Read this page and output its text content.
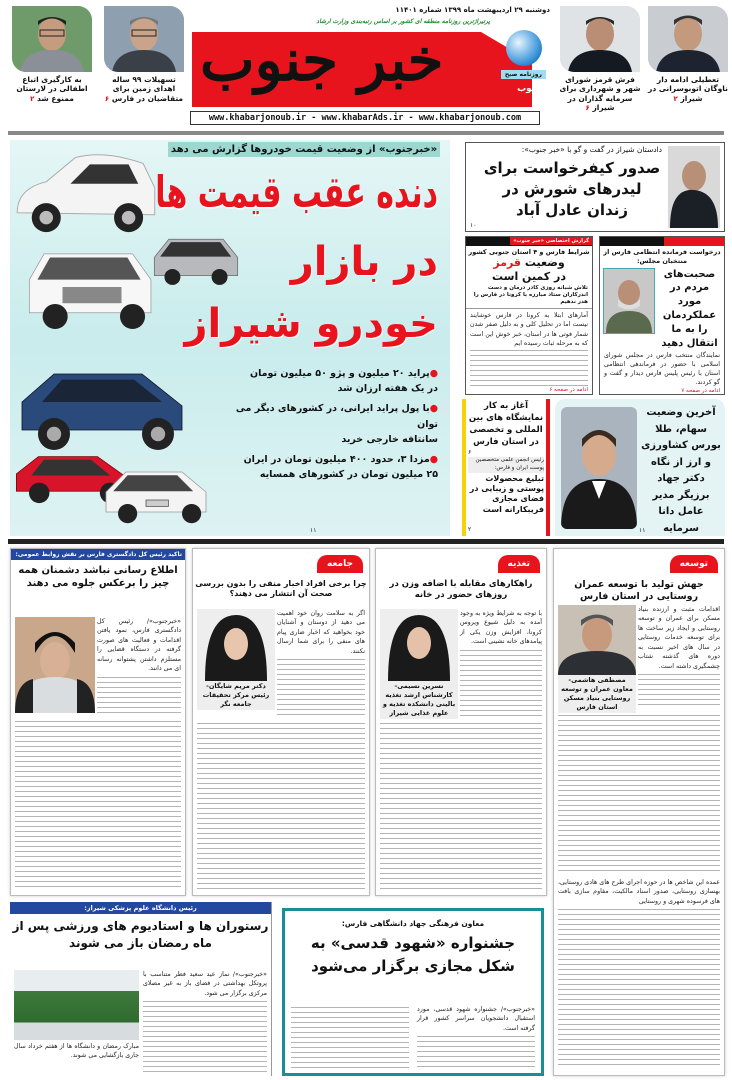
دوشنبه ۲۹ اردیبهشت ماه ۱۳۹۹ شماره ۱۱۴۰۱
پرتیراژترین روزنامه منطقه ای کشور بر اساس رتبه‌بندی وزارت ارشاد
روزنامه صبح
جنوب
خبر جنوب
www.khabarjonoub.ir - www.khabarAds.ir - www.khabarjonoub.com
تعطیلی ادامه دار ناوگان اتوبوسرانی در شیراز ۲
فرش قرمز شورای شهر و شهرداری برای سرمایه گذاران در شیراز ۶
تسهیلات ۹۹ ساله اهدای زمین برای متقاضیان در فارس ۶
به کارگیری اتباع اطفالی در لارستان ممنوع شد ۲
«خبرجنوب» از وضعیت قیمت خودروها گزارش می دهد
دنده عقب قیمت ها
در بازار
خودرو شیراز
●پراید ۲۰ میلیون و پژو ۵۰ میلیون تومان
در یک هفته ارزان شد
●با پول پراید ایرانی، در کشورهای دیگر می توان
سانتافه خارجی خرید
●مزدا ۳، حدود ۴۰۰ میلیون تومان در ایران
۲۵ میلیون تومان در کشورهای همسایه
۱۱
دادستان شیراز در گفت و گو با «خبر جنوب»:
صدور کیفرخواست برای لیدرهای شورش در زندان عادل آباد
۱۰
گزارش اختصاصی «خبر جنوب»
شرایط فارس و ۴ استان جنوبی کشور
وضعیت قرمز
در کمین است
تلاش شبانه روزی کادر درمان و دست اندرکاران ستاد مبارزه با کرونا در فارس را هدر ندهیم
آمارهای ابتلا به کرونا در فارس خوشایند نیست اما در تحلیل کلی و به دلیل صفر شدن شمار فوتی ها در استان، خبر خوش این است که به مرحله ثبات رسیده ایم
ادامه در صفحه ۶
درخواست فرمانده انتظامی فارس از منتخبان مجلس:
صحبت‌های مردم در مورد عملکردمان را به ما انتقال دهید
نمایندگان منتخب فارس در مجلس شورای اسلامی با حضور در فرماندهی انتظامی استان با رئیس پلیس فارس دیدار و گفت و گو کردند.
ادامه در صفحه ۷
آغاز به کار نمایشگاه های بین المللی و تخصصی در استان فارس
۶
رئیس انجمن علمی متخصصین پوست ایران و فارس:
تبلیغ محصولات پوستی و زیبایی در فضای مجازی فریبکارانه است
۲
آخرین وضعیت سهام، طلا بورس کشاورزی و ارز از نگاه دکتر جهاد برزیگر مدیر عامل دانا سرمایه
۱۱
توسعه
جهش تولید با توسعه عمران روستایی در استان فارس
مصطفی هاشمی- معاون عمران و توسعه روستایی بنیاد مسکن استان فارس
اقدامات مثبت و ارزنده بنیاد مسکن برای عمران و توسعه روستایی و ایجاد زیر ساخت ها برای توسعه خدمات روستایی در سال های اخیر نسبت به دوره های گذشته شتاب چشمگیری داشته است.
عمده این شاخص ها در حوزه اجرای طرح های هادی روستایی، بهسازی روستایی، صدور اسناد مالکیت، مقاوم سازی بافت های فرسوده شهری و روستایی
تغذیه
راهکارهای مقابله با اضافه وزن در روزهای حضور در خانه
نسرین نسیمی- کارشناس ارشد تغذیه بالینی دانشکده تغذیه و علوم غذایی شیراز
با توجه به شرایط ویژه به وجود آمده به دلیل شیوع ویروس کرونا، افزایش وزن یکی از پیامدهای خانه نشینی است.
جامعه
چرا برخی افراد اخبار منفی را بدون بررسی صحت آن انتشار می دهند؟
دکتر مریم شایگان- رئیس مرکز تحقیقات جامعه نگر
اگر به سلامت روان خود اهمیت می دهید از دوستان و آشنایان خود بخواهید که اخبار ضاری پیام های منفی را برای شما ارسال نکنند.
تاکید رئیس کل دادگستری فارس بر نقش روابط عمومی:
اطلاع رسانی نباشد دشمنان همه چیز را برعکس جلوه می دهند
«خبرجنوب»/ رئیس کل دادگستری فارس، نمود یافتن اقدامات و فعالیت های صورت گرفته در دستگاه قضایی را مستلزم داشتن پشتوانه رسانه ای می دانند.
رئیس دانشگاه علوم پزشکی شیراز:
رستوران ها و استادیوم های ورزشی پس از ماه رمضان باز می شوند
مبارک رمضان و دانشگاه ها از هفتم خرداد سال جاری بازگشایی می شوند.
«خبرجنوب»/ نماز عید سعید فطر متناسب با پروتکل بهداشتی در فضای باز به غیر مصلای مرکزی برگزار می شود.
معاون فرهنگی جهاد دانشگاهی فارس:
جشنواره «شهود قدسی» به شکل مجازی برگزار می‌شود
«خبرجنوب»/ جشنواره شهود قدسی، مورد استقبال دانشجویان سراسر کشور قرار گرفته است.
